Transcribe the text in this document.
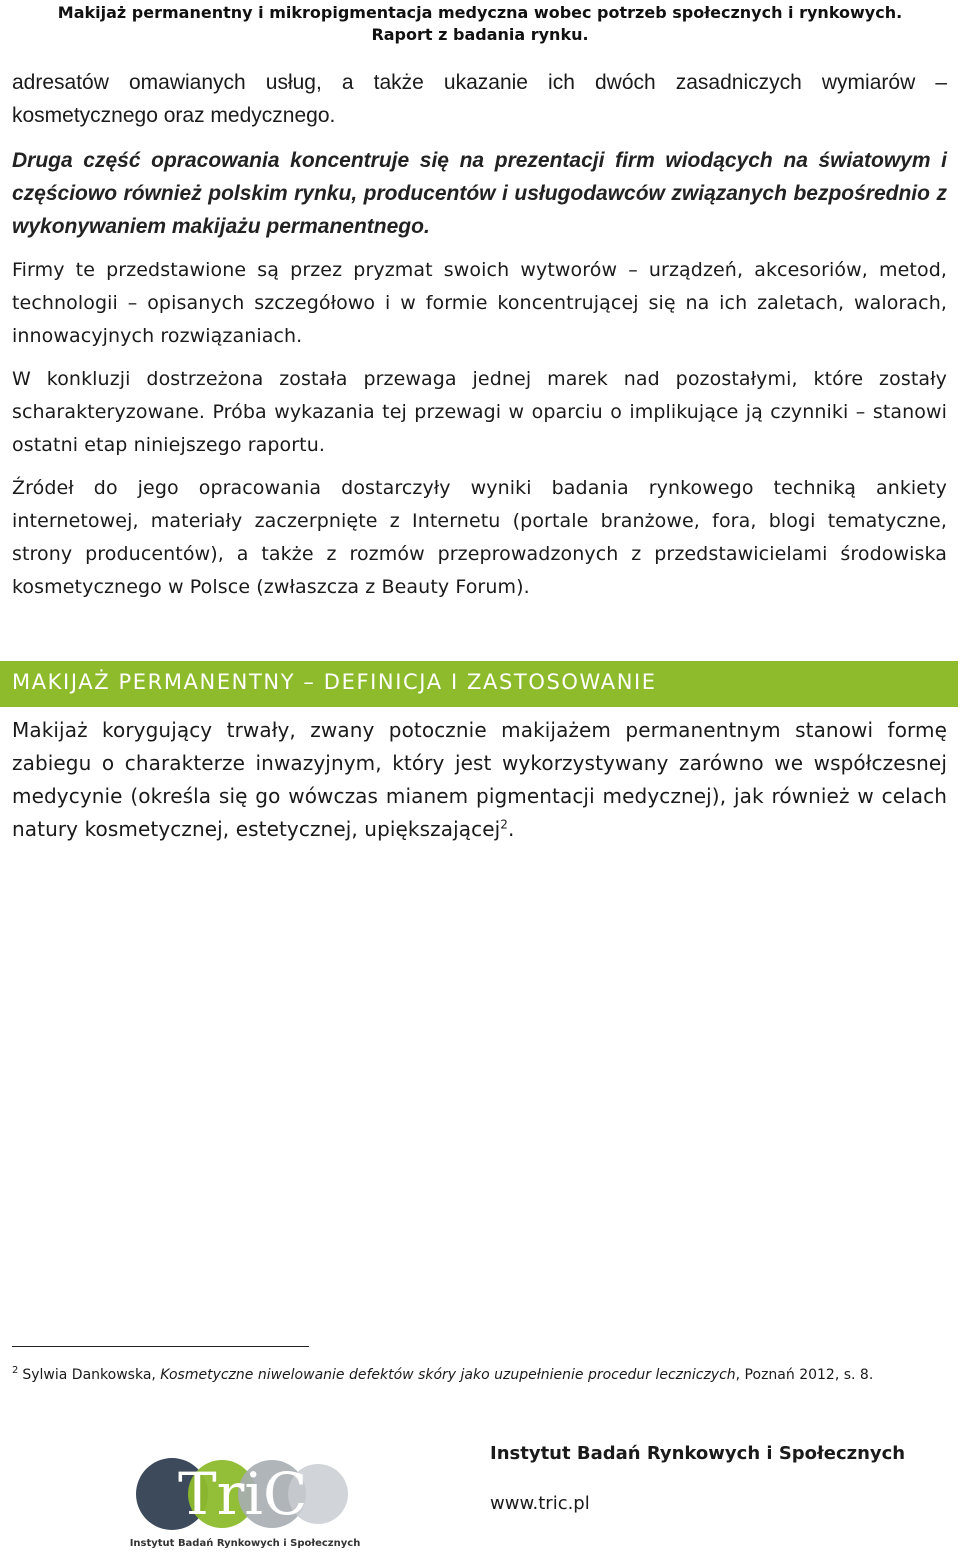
Makijaż permanentny i mikropigmentacja medyczna wobec potrzeb społecznych i rynkowych.
Raport z badania rynku.

adresatów omawianych usług, a także ukazanie ich dwóch zasadniczych wymiarów – kosmetycznego oraz medycznego.

Druga część opracowania koncentruje się na prezentacji firm wiodących na światowym i częściowo również polskim rynku, producentów i usługodawców związanych bezpośrednio z wykonywaniem makijażu permanentnego.

Firmy te przedstawione są przez pryzmat swoich wytworów – urządzeń, akcesoriów, metod, technologii – opisanych szczegółowo i w formie koncentrującej się na ich zaletach, walorach, innowacyjnych rozwiązaniach.

W konkluzji dostrzeżona została przewaga jednej marek nad pozostałymi, które zostały scharakteryzowane. Próba wykazania tej przewagi w oparciu o implikujące ją czynniki – stanowi ostatni etap niniejszego raportu.

Źródeł do jego opracowania dostarczyły wyniki badania rynkowego techniką ankiety internetowej, materiały zaczerpnięte z Internetu (portale branżowe, fora, blogi tematyczne, strony producentów), a także z rozmów przeprowadzonych z przedstawicielami środowiska kosmetycznego w Polsce (zwłaszcza z Beauty Forum).

MAKIJAŻ PERMANENTNY – DEFINICJA I ZASTOSOWANIE

Makijaż korygujący trwały, zwany potocznie makijażem permanentnym stanowi formę zabiegu o charakterze inwazyjnym, który jest wykorzystywany zarówno we współczesnej medycynie (określa się go wówczas mianem pigmentacji medycznej), jak również w celach natury kosmetycznej, estetycznej, upiększającej$^2$.

$^2$ Sylwia Dankowska, Kosmetyczne niwelowanie defektów skóry jako uzupełnienie procedur leczniczych, Poznań 2012, s. 8.
TriC
Instytut Badań Rynkowych i Społecznych
Instytut Badań Rynkowych i Społecznych
www.tric.pl
